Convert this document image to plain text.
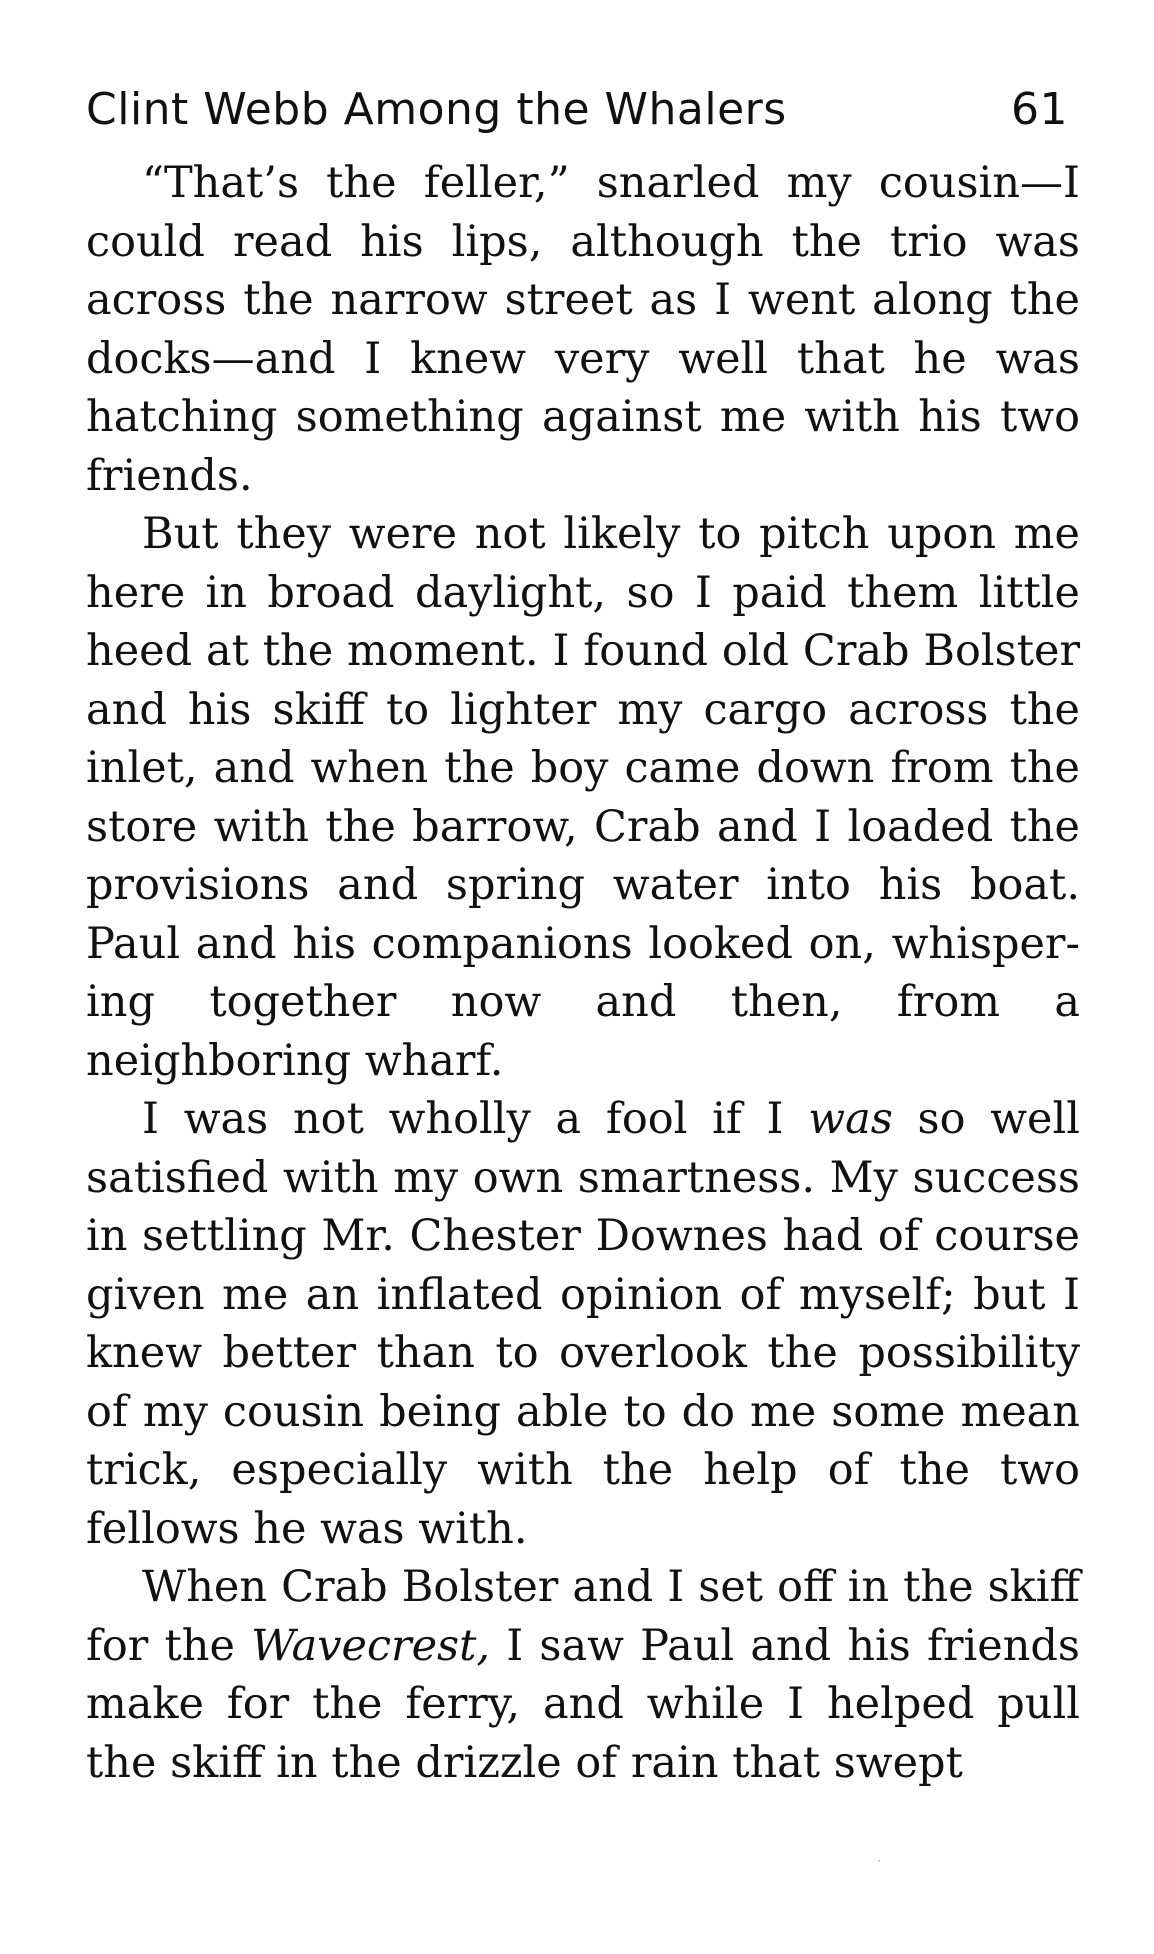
Clint Webb Among the Whalers	61

“That’s the feller,” snarled my cousin—I could read his lips, although the trio was across the narrow street as I went along the docks—and I knew very well that he was hatching something against me with his two friends.

But they were not likely to pitch upon me here in broad daylight, so I paid them little heed at the moment. I found old Crab Bolster and his skiff to lighter my cargo across the inlet, and when the boy came down from the store with the barrow, Crab and I loaded the provisions and spring water into his boat. Paul and his companions looked on, whisper-ing together now and then, from a neighboring wharf.

I was not wholly a fool if I was so well satisfied with my own smartness. My success in settling Mr. Chester Downes had of course given me an inflated opinion of myself; but I knew better than to overlook the possibility of my cousin being able to do me some mean trick, especially with the help of the two fellows he was with.

When Crab Bolster and I set off in the skiff for the Wavecrest, I saw Paul and his friends make for the ferry, and while I helped pull the skiff in the drizzle of rain that swept
